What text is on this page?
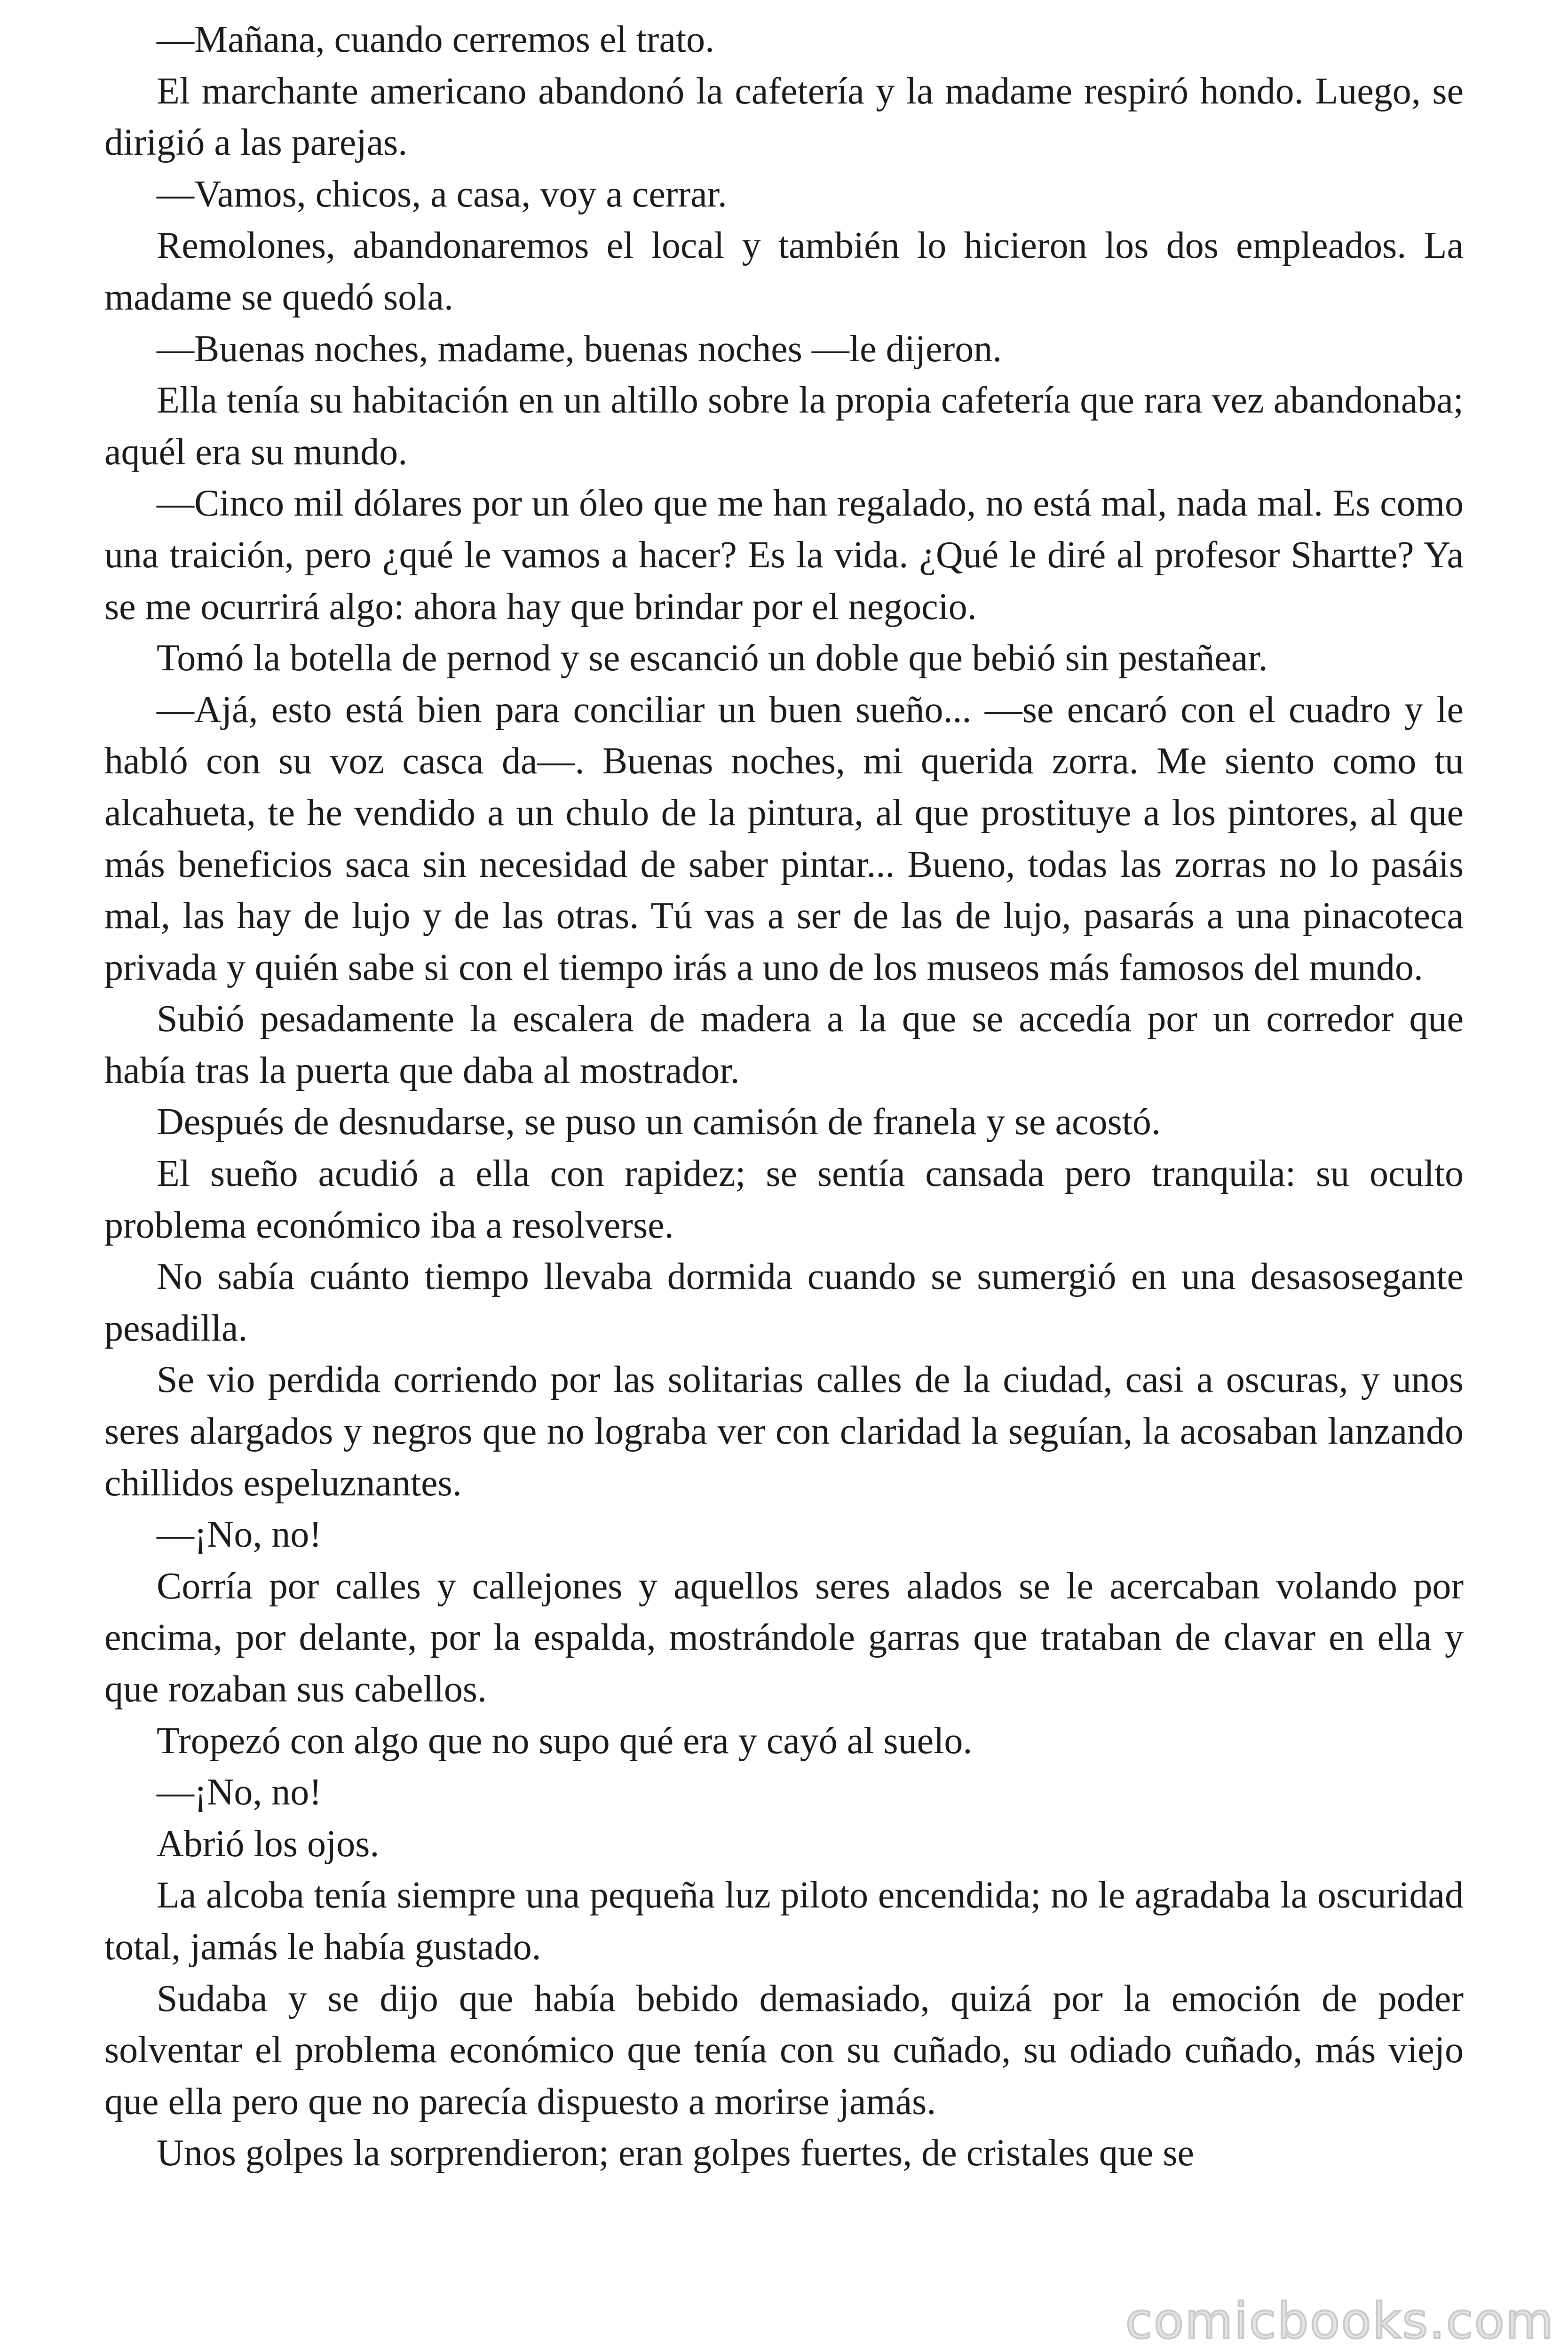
—Mañana, cuando cerremos el trato.

El marchante americano abandonó la cafetería y la madame respiró hondo. Luego, se dirigió a las parejas.

—Vamos, chicos, a casa, voy a cerrar.

Remolones, abandonaremos el local y también lo hicieron los dos empleados. La madame se quedó sola.

—Buenas noches, madame, buenas noches —le dijeron.

Ella tenía su habitación en un altillo sobre la propia cafetería que rara vez abandonaba; aquél era su mundo.

—Cinco mil dólares por un óleo que me han regalado, no está mal, nada mal. Es como una traición, pero ¿qué le vamos a hacer? Es la vida. ¿Qué le diré al profesor Shartte? Ya se me ocurrirá algo: ahora hay que brindar por el negocio.

Tomó la botella de pernod y se escanció un doble que bebió sin pestañear.

—Ajá, esto está bien para conciliar un buen sueño... —se encaró con el cuadro y le habló con su voz casca da—. Buenas noches, mi querida zorra. Me siento como tu alcahueta, te he vendido a un chulo de la pintura, al que prostituye a los pintores, al que más beneficios saca sin necesidad de saber pintar... Bueno, todas las zorras no lo pasáis mal, las hay de lujo y de las otras. Tú vas a ser de las de lujo, pasarás a una pinacoteca privada y quién sabe si con el tiempo irás a uno de los museos más famosos del mundo.

Subió pesadamente la escalera de madera a la que se accedía por un corredor que había tras la puerta que daba al mostrador.

Después de desnudarse, se puso un camisón de franela y se acostó.

El sueño acudió a ella con rapidez; se sentía cansada pero tranquila: su oculto problema económico iba a resolverse.

No sabía cuánto tiempo llevaba dormida cuando se sumergió en una desasosegante pesadilla.

Se vio perdida corriendo por las solitarias calles de la ciudad, casi a oscuras, y unos seres alargados y negros que no lograba ver con claridad la seguían, la acosaban lanzando chillidos espeluznantes.

—¡No, no!

Corría por calles y callejones y aquellos seres alados se le acercaban volando por encima, por delante, por la espalda, mostrándole garras que trataban de clavar en ella y que rozaban sus cabellos.

Tropezó con algo que no supo qué era y cayó al suelo.

—¡No, no!

Abrió los ojos.

La alcoba tenía siempre una pequeña luz piloto encendida; no le agradaba la oscuridad total, jamás le había gustado.

Sudaba y se dijo que había bebido demasiado, quizá por la emoción de poder solventar el problema económico que tenía con su cuñado, su odiado cuñado, más viejo que ella pero que no parecía dispuesto a morirse jamás.

Unos golpes la sorprendieron; eran golpes fuertes, de cristales que se

comicbooks.com
